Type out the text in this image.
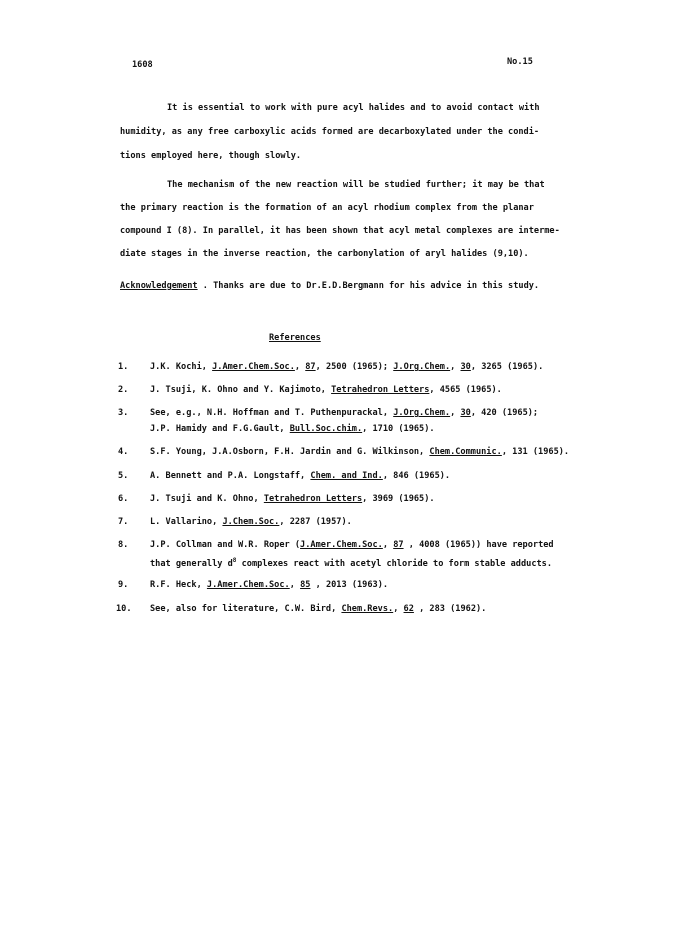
1608	No.15
It is essential to work with pure acyl halides and to avoid contact with
humidity, as any free carboxylic acids formed are decarboxylated under the condi-
tions employed here, though slowly.
The mechanism of the new reaction will be studied further; it may be that
the primary reaction is the formation of an acyl rhodium complex from the planar
compound I (8). In parallel, it has been shown that acyl metal complexes are interme-
diate stages in the inverse reaction, the carbonylation of aryl halides (9,10).
Acknowledgement . Thanks are due to Dr.E.D.Bergmann for his advice in this study.
References
1.	J.K. Kochi, J.Amer.Chem.Soc., 87, 2500 (1965); J.Org.Chem., 30, 3265 (1965).
2.	J. Tsuji, K. Ohno and Y. Kajimoto, Tetrahedron Letters, 4565 (1965).
3.	See, e.g., N.H. Hoffman and T. Puthenpurackal, J.Org.Chem., 30, 420 (1965);
J.P. Hamidy and F.G.Gault, Bull.Soc.chim., 1710 (1965).
4.	S.F. Young, J.A.Osborn, F.H. Jardin and G. Wilkinson, Chem.Communic., 131 (1965).
5.	A. Bennett and P.A. Longstaff, Chem. and Ind., 846 (1965).
6.	J. Tsuji and K. Ohno, Tetrahedron Letters, 3969 (1965).
7.	L. Vallarino, J.Chem.Soc., 2287 (1957).
8.	J.P. Collman and W.R. Roper (J.Amer.Chem.Soc., 87 , 4008 (1965)) have reported
that generally $d^8$ complexes react with acetyl chloride to form stable adducts.
9.	R.F. Heck, J.Amer.Chem.Soc., 85 , 2013 (1963).
10. See, also for literature, C.W. Bird, Chem.Revs., 62 , 283 (1962).
